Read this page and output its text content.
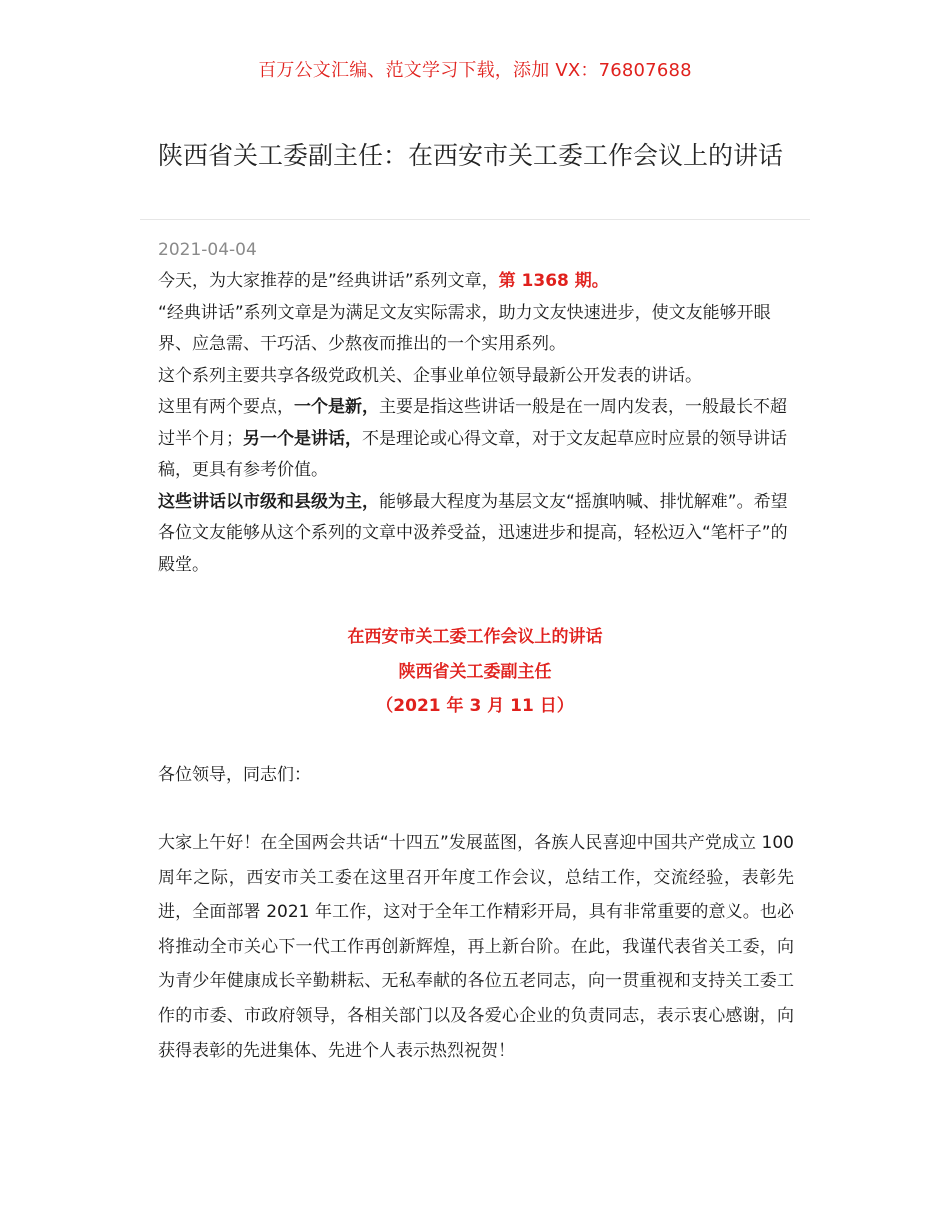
百万公文汇编、范文学习下载，添加 VX：76807688
陕西省关工委副主任：在西安市关工委工作会议上的讲话
2021-04-04

今天，为大家推荐的是”经典讲话”系列文章，第 1368 期。

“经典讲话”系列文章是为满足文友实际需求，助力文友快速进步，使文友能够开眼界、应急需、干巧活、少熬夜而推出的一个实用系列。

这个系列主要共享各级党政机关、企事业单位领导最新公开发表的讲话。

这里有两个要点，一个是新，主要是指这些讲话一般是在一周内发表，一般最长不超过半个月；另一个是讲话，不是理论或心得文章，对于文友起草应时应景的领导讲话稿，更具有参考价值。

这些讲话以市级和县级为主，能够最大程度为基层文友“摇旗呐喊、排忧解难”。希望各位文友能够从这个系列的文章中汲养受益，迅速进步和提高，轻松迈入“笔杆子”的殿堂。

在西安市关工委工作会议上的讲话
陕西省关工委副主任
（2021 年 3 月 11 日）
各位领导，同志们：

大家上午好！在全国两会共话“十四五”发展蓝图，各族人民喜迎中国共产党成立 100 周年之际，西安市关工委在这里召开年度工作会议，总结工作，交流经验，表彰先进，全面部署 2021 年工作，这对于全年工作精彩开局，具有非常重要的意义。也必将推动全市关心下一代工作再创新辉煌，再上新台阶。在此，我谨代表省关工委，向为青少年健康成长辛勤耕耘、无私奉献的各位五老同志，向一贯重视和支持关工委工作的市委、市政府领导，各相关部门以及各爱心企业的负责同志，表示衷心感谢，向获得表彰的先进集体、先进个人表示热烈祝贺！
